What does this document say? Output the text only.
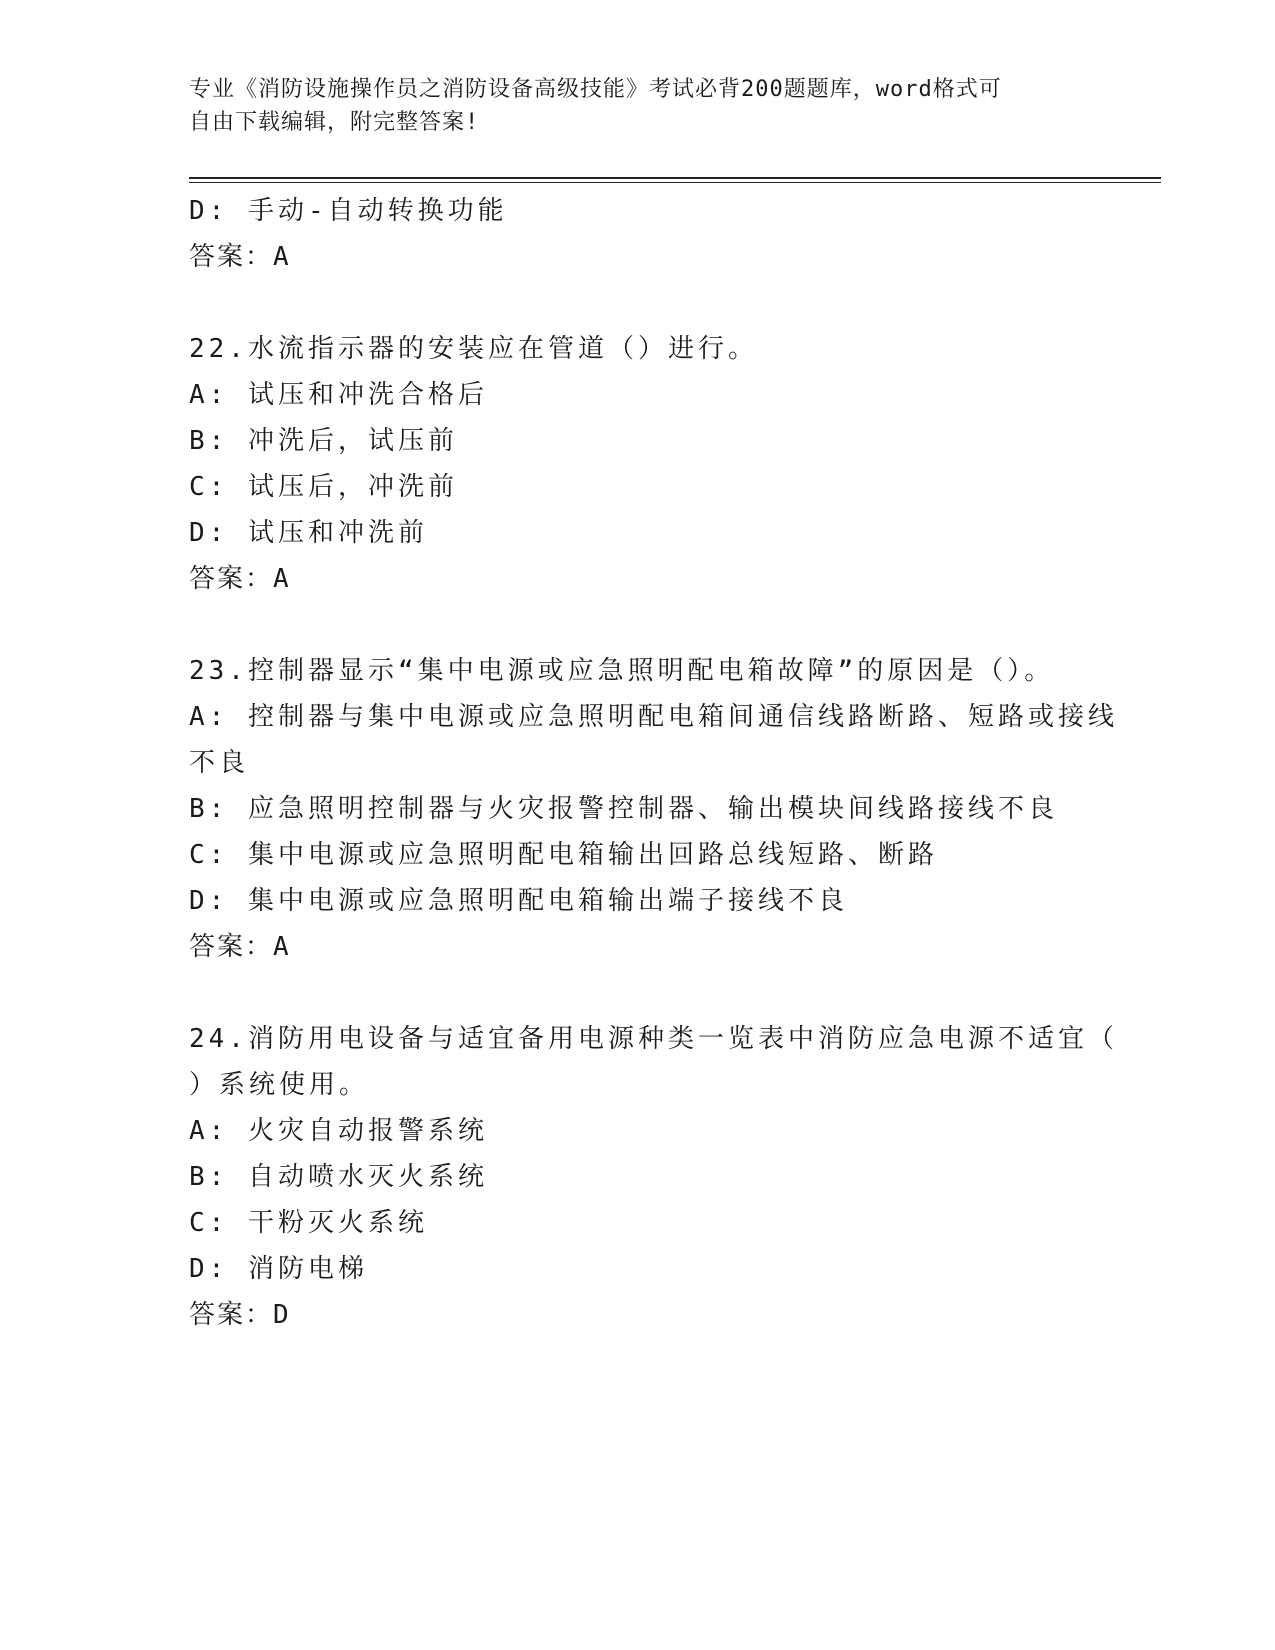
专业《消防设施操作员之消防设备高级技能》考试必背200题题库，word格式可
自由下载编辑，附完整答案!
D: 手动-自动转换功能
答案：A
22.水流指示器的安装应在管道（）进行。
A: 试压和冲洗合格后
B: 冲洗后，试压前
C: 试压后，冲洗前
D: 试压和冲洗前
答案：A
23.控制器显示“集中电源或应急照明配电箱故障”的原因是（）。
A: 控制器与集中电源或应急照明配电箱间通信线路断路、短路或接线
不良
B: 应急照明控制器与火灾报警控制器、输出模块间线路接线不良
C: 集中电源或应急照明配电箱输出回路总线短路、断路
D: 集中电源或应急照明配电箱输出端子接线不良
答案：A
24.消防用电设备与适宜备用电源种类一览表中消防应急电源不适宜（
）系统使用。
A: 火灾自动报警系统
B: 自动喷水灭火系统
C: 干粉灭火系统
D: 消防电梯
答案：D
